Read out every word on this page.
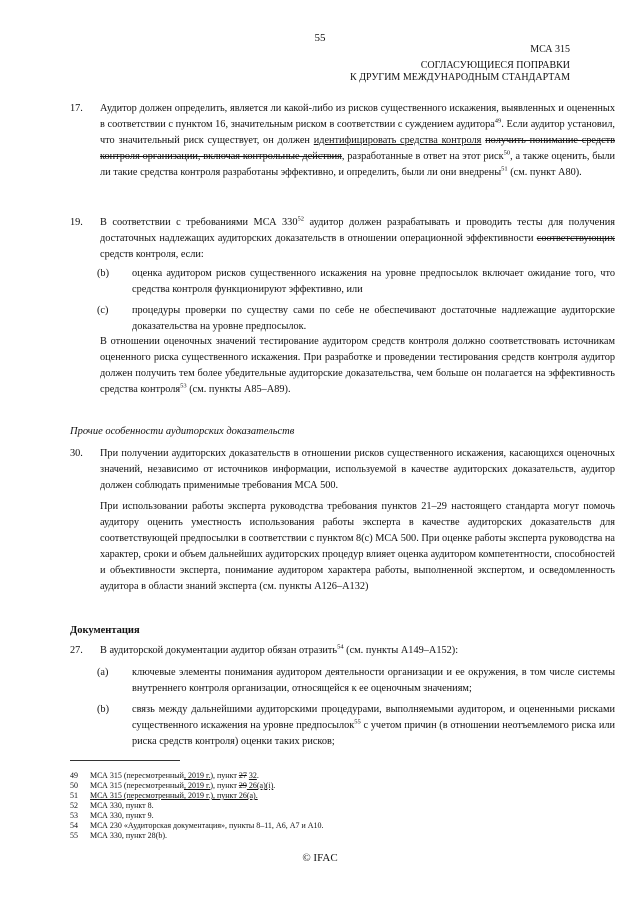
55
МСА 315
СОГЛАСУЮЩИЕСЯ ПОПРАВКИ
К ДРУГИМ МЕЖДУНАРОДНЫМ СТАНДАРТАМ
17.	Аудитор должен определить, является ли какой-либо из рисков существенного искажения, выявленных и оцененных в соответствии с пунктом 16, значительным риском в соответствии с суждением аудитора$^{49}$. Если аудитор установил, что значительный риск существует, он должен идентифицировать средства контроля получить понимание средств контроля организации, включая контрольные действия, разработанные в ответ на этот риск$^{50}$, а также оценить, были ли такие средства контроля разработаны эффективно, и определить, были ли они внедрены$^{51}$ (см. пункт А80).
19.	В соответствии с требованиями МСА $330^{52}$ аудитор должен разрабатывать и проводить тесты для получения достаточных надлежащих аудиторских доказательств в отношении операционной эффективности соответствующих средств контроля, если:
(b)	оценка аудитором рисков существенного искажения на уровне предпосылок включает ожидание того, что средства контроля функционируют эффективно, или
(c)	процедуры проверки по существу сами по себе не обеспечивают достаточные надлежащие аудиторские доказательства на уровне предпосылок.
В отношении оценочных значений тестирование аудитором средств контроля должно соответствовать источникам оцененного риска существенного искажения. При разработке и проведении тестирования средств контроля аудитор должен получить тем более убедительные аудиторские доказательства, чем больше он полагается на эффективность средства контроля$^{53}$ (см. пункты А85–А89).
Прочие особенности аудиторских доказательств
30.	При получении аудиторских доказательств в отношении рисков существенного искажения, касающихся оценочных значений, независимо от источников информации, используемой в качестве аудиторских доказательств, аудитор должен соблюдать применимые требования МСА 500.
При использовании работы эксперта руководства требования пунктов 21–29 настоящего стандарта могут помочь аудитору оценить уместность использования работы эксперта в качестве аудиторских доказательств для соответствующей предпосылки в соответствии с пунктом 8(с) МСА 500. При оценке работы эксперта руководства на характер, сроки и объем дальнейших аудиторских процедур влияет оценка аудитором компетентности, способностей и объективности эксперта, понимание аудитором характера работы, выполненной экспертом, и осведомленность аудитора в области знаний эксперта (см. пункты А126–А132)
Документация
27.	В аудиторской документации аудитор обязан отразить$^{54}$ (см. пункты А149–А152):
(a)	ключевые элементы понимания аудитором деятельности организации и ее окружения, в том числе системы внутреннего контроля организации, относящейся к ее оценочным значениям;
(b)	связь между дальнейшими аудиторскими процедурами, выполняемыми аудитором, и оцененными рисками существенного искажения на уровне предпосылок$^{55}$ с учетом причин (в отношении неотъемлемого риска или риска средств контроля) оценки таких рисков;
49	МСА 315 (пересмотренный, 2019 г.), пункт 27 32.
50	МСА 315 (пересмотренный, 2019 г.), пункт 29 26(a)(i).
51	МСА 315 (пересмотренный, 2019 г.), пункт 26(a).
52	МСА 330, пункт 8.
53	МСА 330, пункт 9.
54	МСА 230 «Аудиторская документация», пункты 8–11, А6, А7 и А10.
55	МСА 330, пункт 28(b).
© IFAC
